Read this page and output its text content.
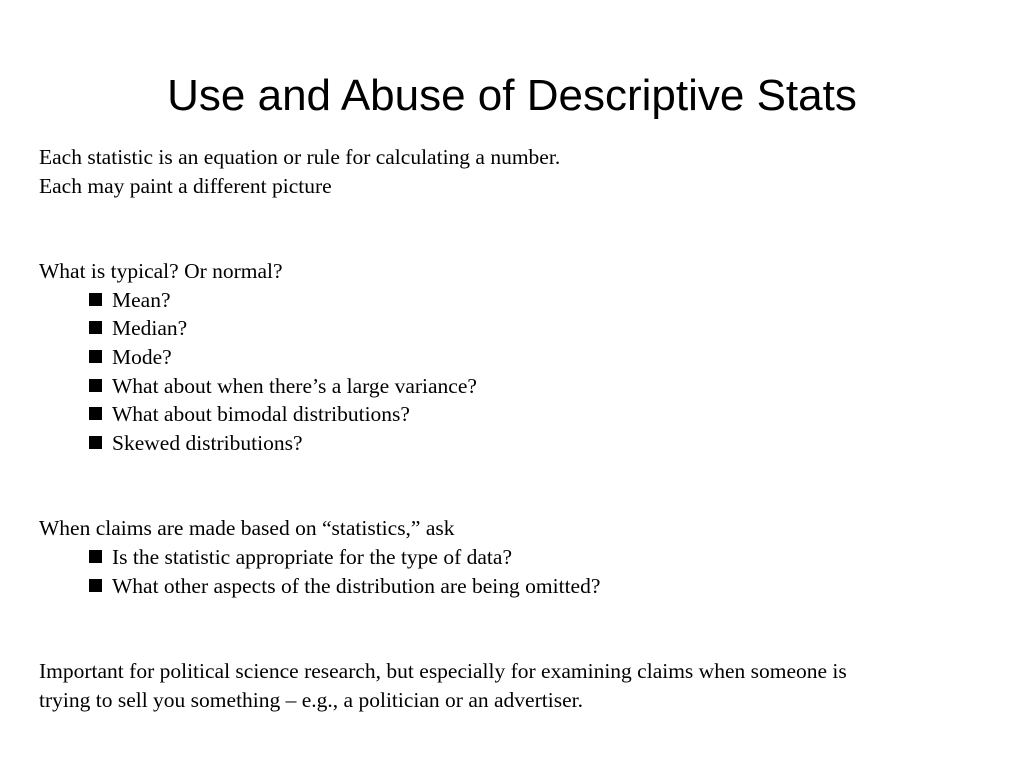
Use and Abuse of Descriptive Stats
Each statistic is an equation or rule for calculating a number.
Each may paint a different picture
What is typical? Or normal?
Mean?
Median?
Mode?
What about when there’s a large variance?
What about bimodal distributions?
Skewed distributions?
When claims are made based on “statistics,” ask
Is the statistic appropriate for the type of data?
What other aspects of the distribution are being omitted?
Important for political science research, but especially for examining claims when someone is
trying to sell you something – e.g., a politician or an advertiser.
